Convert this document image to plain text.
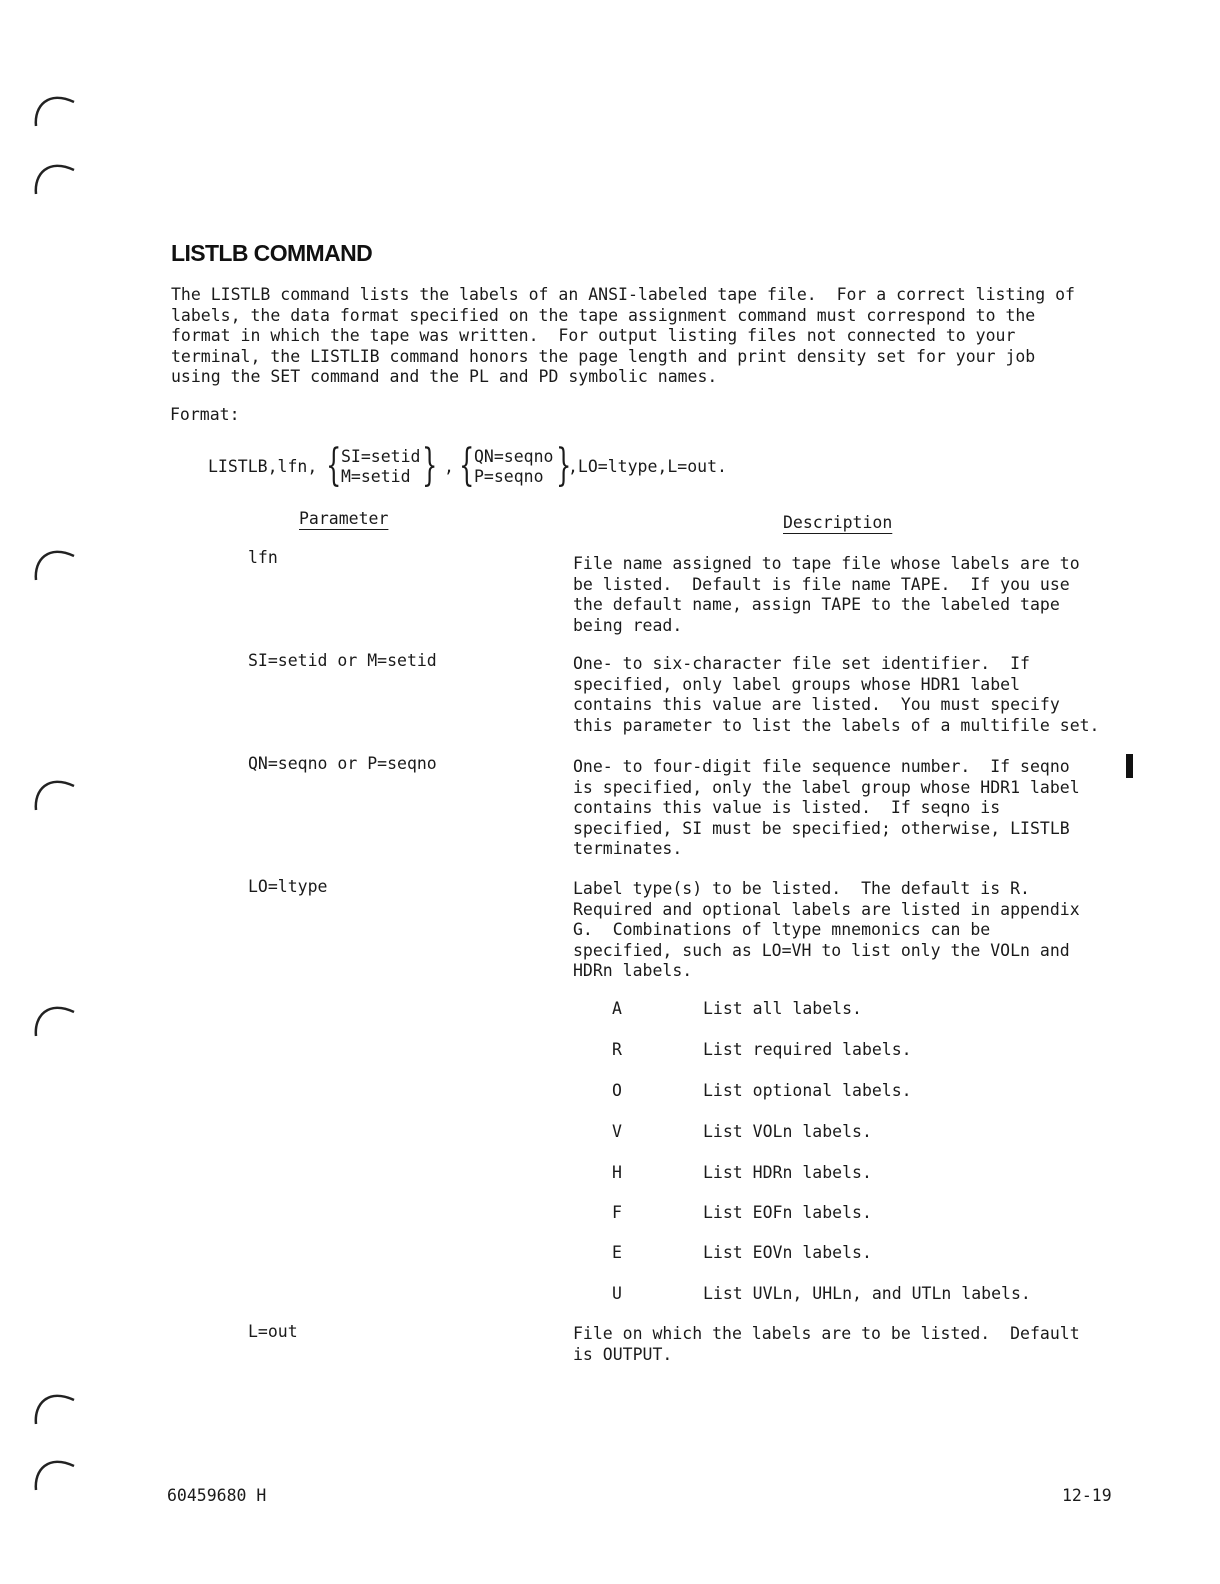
LISTLB COMMAND
The LISTLB command lists the labels of an ANSI-labeled tape file.  For a correct listing of
labels, the data format specified on the tape assignment command must correspond to the
format in which the tape was written.  For output listing files not connected to your
terminal, the LISTLIB command honors the page length and print density set for your job
using the SET command and the PL and PD symbolic names.
Format:
LISTLB,lfn, { SI=setid
M=setid } , { QN=seqno
P=seqno }
,LO=ltype,L=out.
Parameter	Description
lfn	File name assigned to tape file whose labels are to
be listed.  Default is file name TAPE.  If you use
the default name, assign TAPE to the labeled tape
being read.
SI=setid or M=setid	One- to six-character file set identifier.  If
specified, only label groups whose HDR1 label
contains this value are listed.  You must specify
this parameter to list the labels of a multifile set.
QN=seqno or P=seqno	One- to four-digit file sequence number.  If seqno
is specified, only the label group whose HDR1 label
contains this value is listed.  If seqno is
specified, SI must be specified; otherwise, LISTLB
terminates.
LO=ltype	Label type(s) to be listed.  The default is R.
Required and optional labels are listed in appendix
G.  Combinations of ltype mnemonics can be
specified, such as LO=VH to list only the VOLn and
HDRn labels.
A	List all labels.
R	List required labels.
O	List optional labels.
V	List VOLn labels.
H	List HDRn labels.
F	List EOFn labels.
E	List EOVn labels.
U	List UVLn, UHLn, and UTLn labels.
L=out	File on which the labels are to be listed.  Default
is OUTPUT.
60459680 H	12-19
